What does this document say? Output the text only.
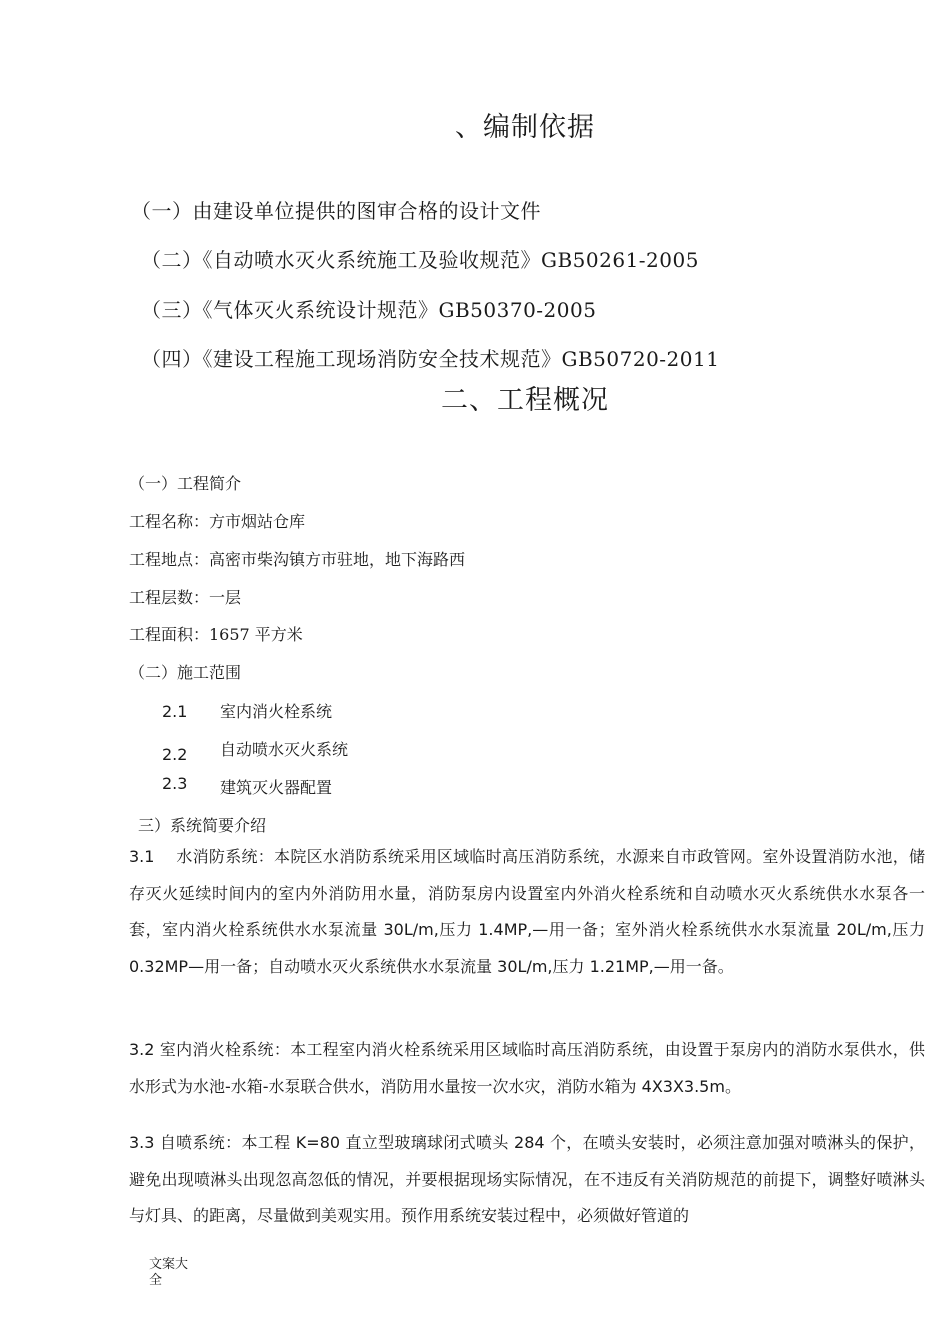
、编制依据
（一）由建设单位提供的图审合格的设计文件
（二）《自动喷水灭火系统施工及验收规范》GB50261-2005
（三）《气体灭火系统设计规范》GB50370-2005
（四）《建设工程施工现场消防安全技术规范》GB50720-2011
二、工程概况
（一）工程简介
工程名称：方市烟站仓库
工程地点：高密市柴沟镇方市驻地，地下海路西
工程层数：一层
工程面积：1657 平方米
（二）施工范围
2.1 室内消火栓系统
2.2 自动喷水灭火系统
2.3 建筑灭火器配置
三）系统简要介绍
3.1　 水消防系统：本院区水消防系统采用区域临时高压消防系统，水源来自市政管网。室外设置消防水池，储存灭火延续时间内的室内外消防用水量，消防泵房内设置室内外消火栓系统和自动喷水灭火系统供水水泵各一套，室内消火栓系统供水水泵流量 30L/m,压力 1.4MP,—用一备；室外消火栓系统供水水泵流量 20L/m,压力 0.32MP—用一备；自动喷水灭火系统供水水泵流量 30L/m,压力 1.21MP,—用一备。
3.2 室内消火栓系统：本工程室内消火栓系统采用区域临时高压消防系统，由设置于泵房内的消防水泵供水，供水形式为水池-水箱-水泵联合供水，消防用水量按一次水灾，消防水箱为 4X3X3.5m。
3.3 自喷系统：本工程 K=80 直立型玻璃球闭式喷头 284 个，在喷头安装时，必须注意加强对喷淋头的保护，避免出现喷淋头出现忽高忽低的情况，并要根据现场实际情况，在不违反有关消防规范的前提下，调整好喷淋头与灯具、的距离，尽量做到美观实用。预作用系统安装过程中，必须做好管道的
文案大全
